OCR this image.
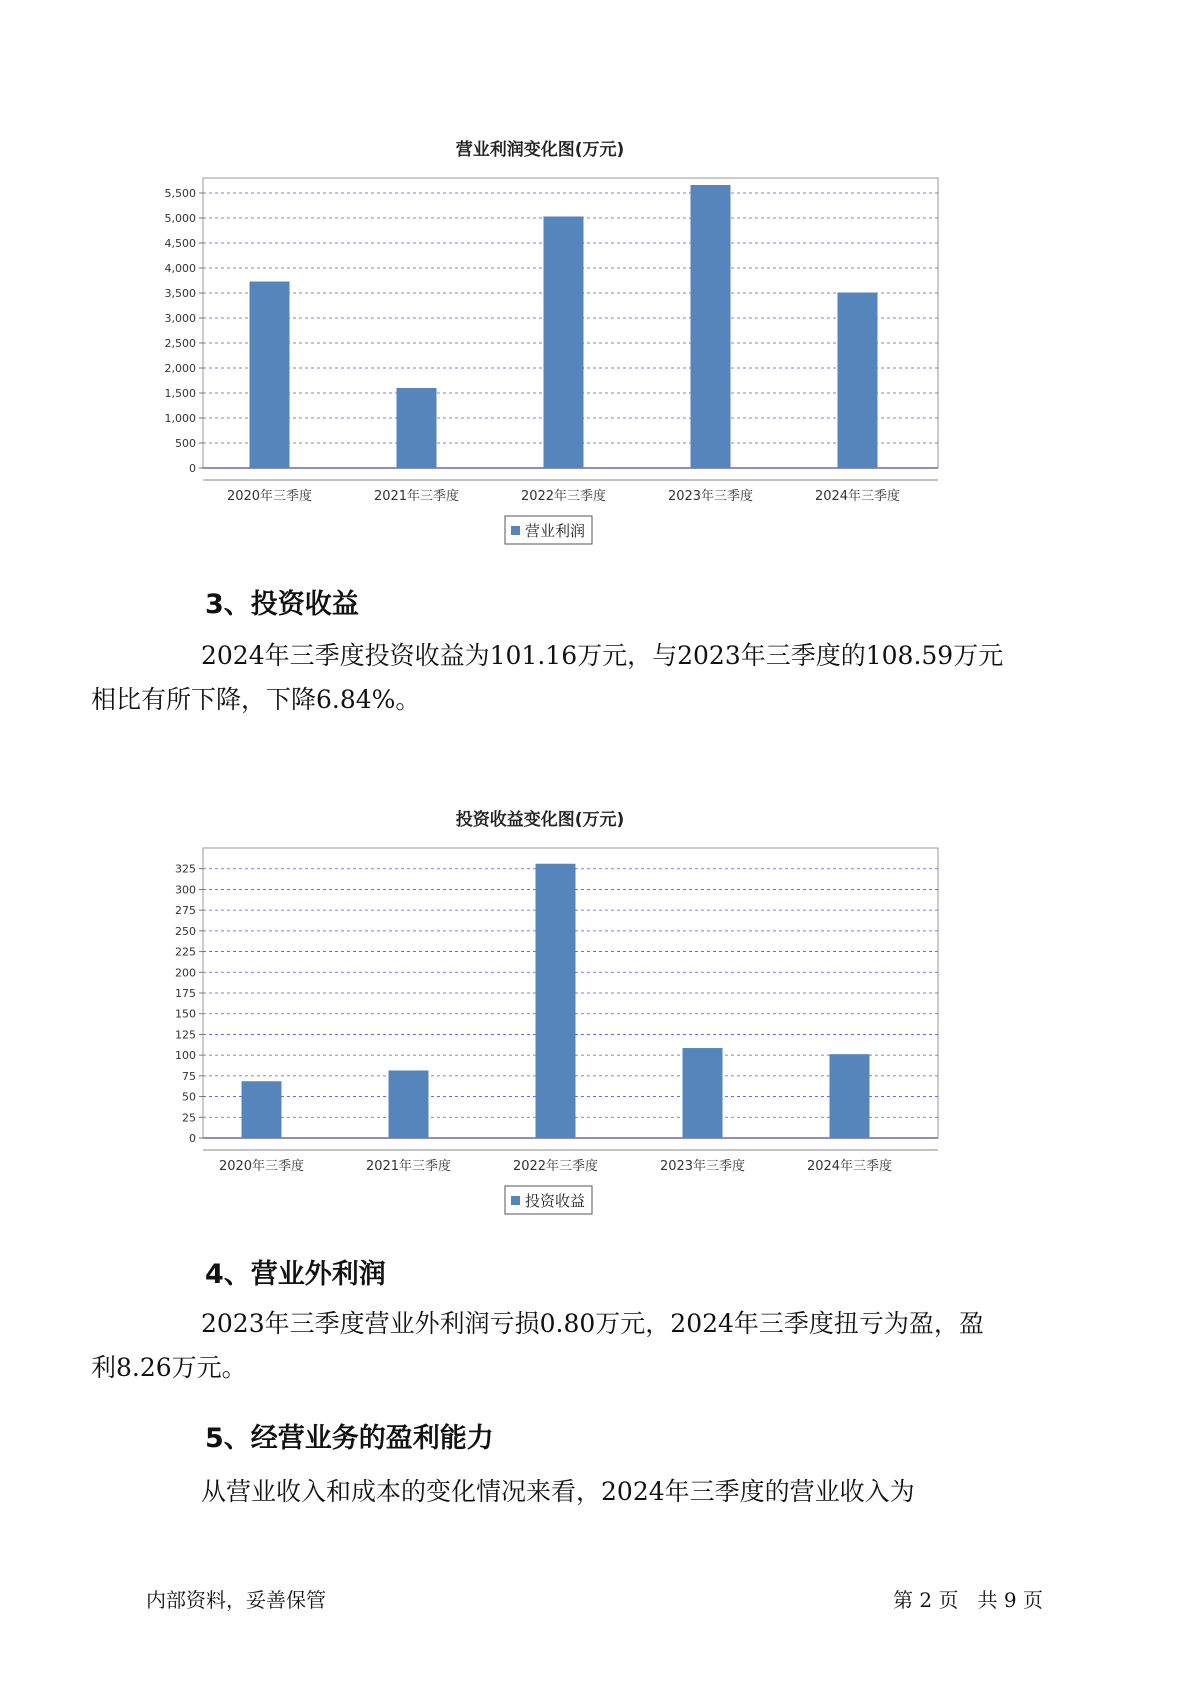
营业利润变化图(万元)
0
500
1,000
1,500
2,000
2,500
3,000
3,500
4,000
4,500
5,000
5,500
2020年三季度	2021年三季度	2022年三季度	2023年三季度	2024年三季度
营业利润
3、投资收益

2024年三季度投资收益为101.16万元，与2023年三季度的108.59万元
相比有所下降，下降6.84%。

投资收益变化图(万元)
0
25
50
75
100
125
150
175
200
225
250
275
300
325
2020年三季度	2021年三季度	2022年三季度	2023年三季度	2024年三季度
投资收益
4、营业外利润

2023年三季度营业外利润亏损0.80万元，2024年三季度扭亏为盈，盈
利8.26万元。

5、经营业务的盈利能力

从营业收入和成本的变化情况来看，2024年三季度的营业收入为

内部资料，妥善保管	第 2 页   共 9 页
